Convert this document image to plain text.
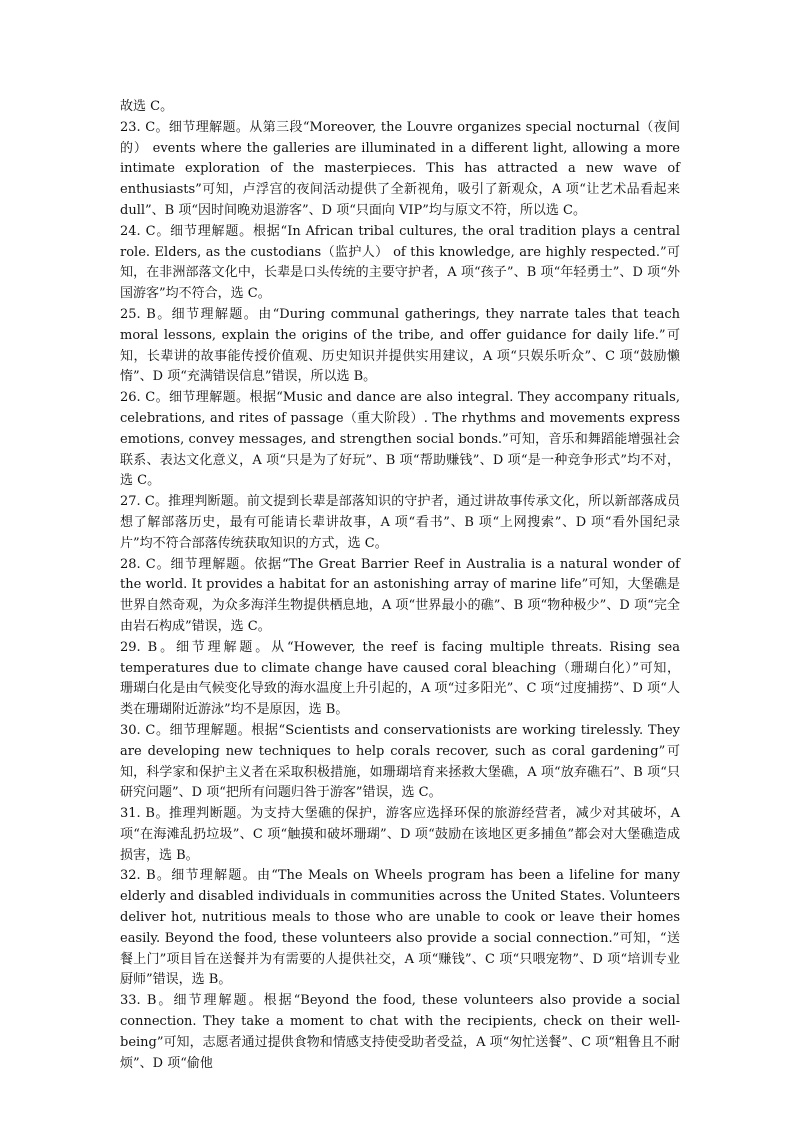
故选 C。

23. C。细节理解题。从第三段“Moreover, the Louvre organizes special nocturnal（夜间的） events where the galleries are illuminated in a different light, allowing a more intimate exploration of the masterpieces. This has attracted a new wave of enthusiasts”可知，卢浮宫的夜间活动提供了全新视角，吸引了新观众，A 项“让艺术品看起来 dull”、B 项“因时间晚劝退游客”、D 项“只面向 VIP”均与原文不符，所以选 C。

24. C。细节理解题。根据“In African tribal cultures, the oral tradition plays a central role. Elders, as the custodians（监护人） of this knowledge, are highly respected.”可知，在非洲部落文化中，长辈是口头传统的主要守护者，A 项“孩子”、B 项“年轻勇士”、D 项“外国游客”均不符合，选 C。

25. B。细节理解题。由“During communal gatherings, they narrate tales that teach moral lessons, explain the origins of the tribe, and offer guidance for daily life.”可知，长辈讲的故事能传授价值观、历史知识并提供实用建议，A 项“只娱乐听众”、C 项“鼓励懒惰”、D 项“充满错误信息”错误，所以选 B。

26. C。细节理解题。根据“Music and dance are also integral. They accompany rituals, celebrations, and rites of passage（重大阶段）. The rhythms and movements express emotions, convey messages, and strengthen social bonds.”可知，音乐和舞蹈能增强社会联系、表达文化意义，A 项“只是为了好玩”、B 项“帮助赚钱”、D 项“是一种竞争形式”均不对，选 C。

27. C。推理判断题。前文提到长辈是部落知识的守护者，通过讲故事传承文化，所以新部落成员想了解部落历史，最有可能请长辈讲故事，A 项“看书”、B 项“上网搜索”、D 项“看外国纪录片”均不符合部落传统获取知识的方式，选 C。

28. C。细节理解题。依据“The Great Barrier Reef in Australia is a natural wonder of the world. It provides a habitat for an astonishing array of marine life”可知，大堡礁是世界自然奇观，为众多海洋生物提供栖息地，A 项“世界最小的礁”、B 项“物种极少”、D 项“完全由岩石构成”错误，选 C。

29. B。细节理解题。从“However, the reef is facing multiple threats. Rising sea temperatures due to climate change have caused coral bleaching（珊瑚白化）”可知，珊瑚白化是由气候变化导致的海水温度上升引起的，A 项“过多阳光”、C 项“过度捕捞”、D 项“人类在珊瑚附近游泳”均不是原因，选 B。

30. C。细节理解题。根据“Scientists and conservationists are working tirelessly. They are developing new techniques to help corals recover, such as coral gardening”可知，科学家和保护主义者在采取积极措施，如珊瑚培育来拯救大堡礁，A 项“放弃礁石”、B 项“只研究问题”、D 项“把所有问题归咎于游客”错误，选 C。

31. B。推理判断题。为支持大堡礁的保护，游客应选择环保的旅游经营者，减少对其破坏，A 项“在海滩乱扔垃圾”、C 项“触摸和破坏珊瑚”、D 项“鼓励在该地区更多捕鱼”都会对大堡礁造成损害，选 B。

32. B。细节理解题。由“The Meals on Wheels program has been a lifeline for many elderly and disabled individuals in communities across the United States. Volunteers deliver hot, nutritious meals to those who are unable to cook or leave their homes easily. Beyond the food, these volunteers also provide a social connection.”可知，“送餐上门”项目旨在送餐并为有需要的人提供社交，A 项“赚钱”、C 项“只喂宠物”、D 项“培训专业厨师”错误，选 B。

33. B。细节理解题。根据“Beyond the food, these volunteers also provide a social connection. They take a moment to chat with the recipients, check on their well-being”可知，志愿者通过提供食物和情感支持使受助者受益，A 项“匆忙送餐”、C 项“粗鲁且不耐烦”、D 项“偷他
